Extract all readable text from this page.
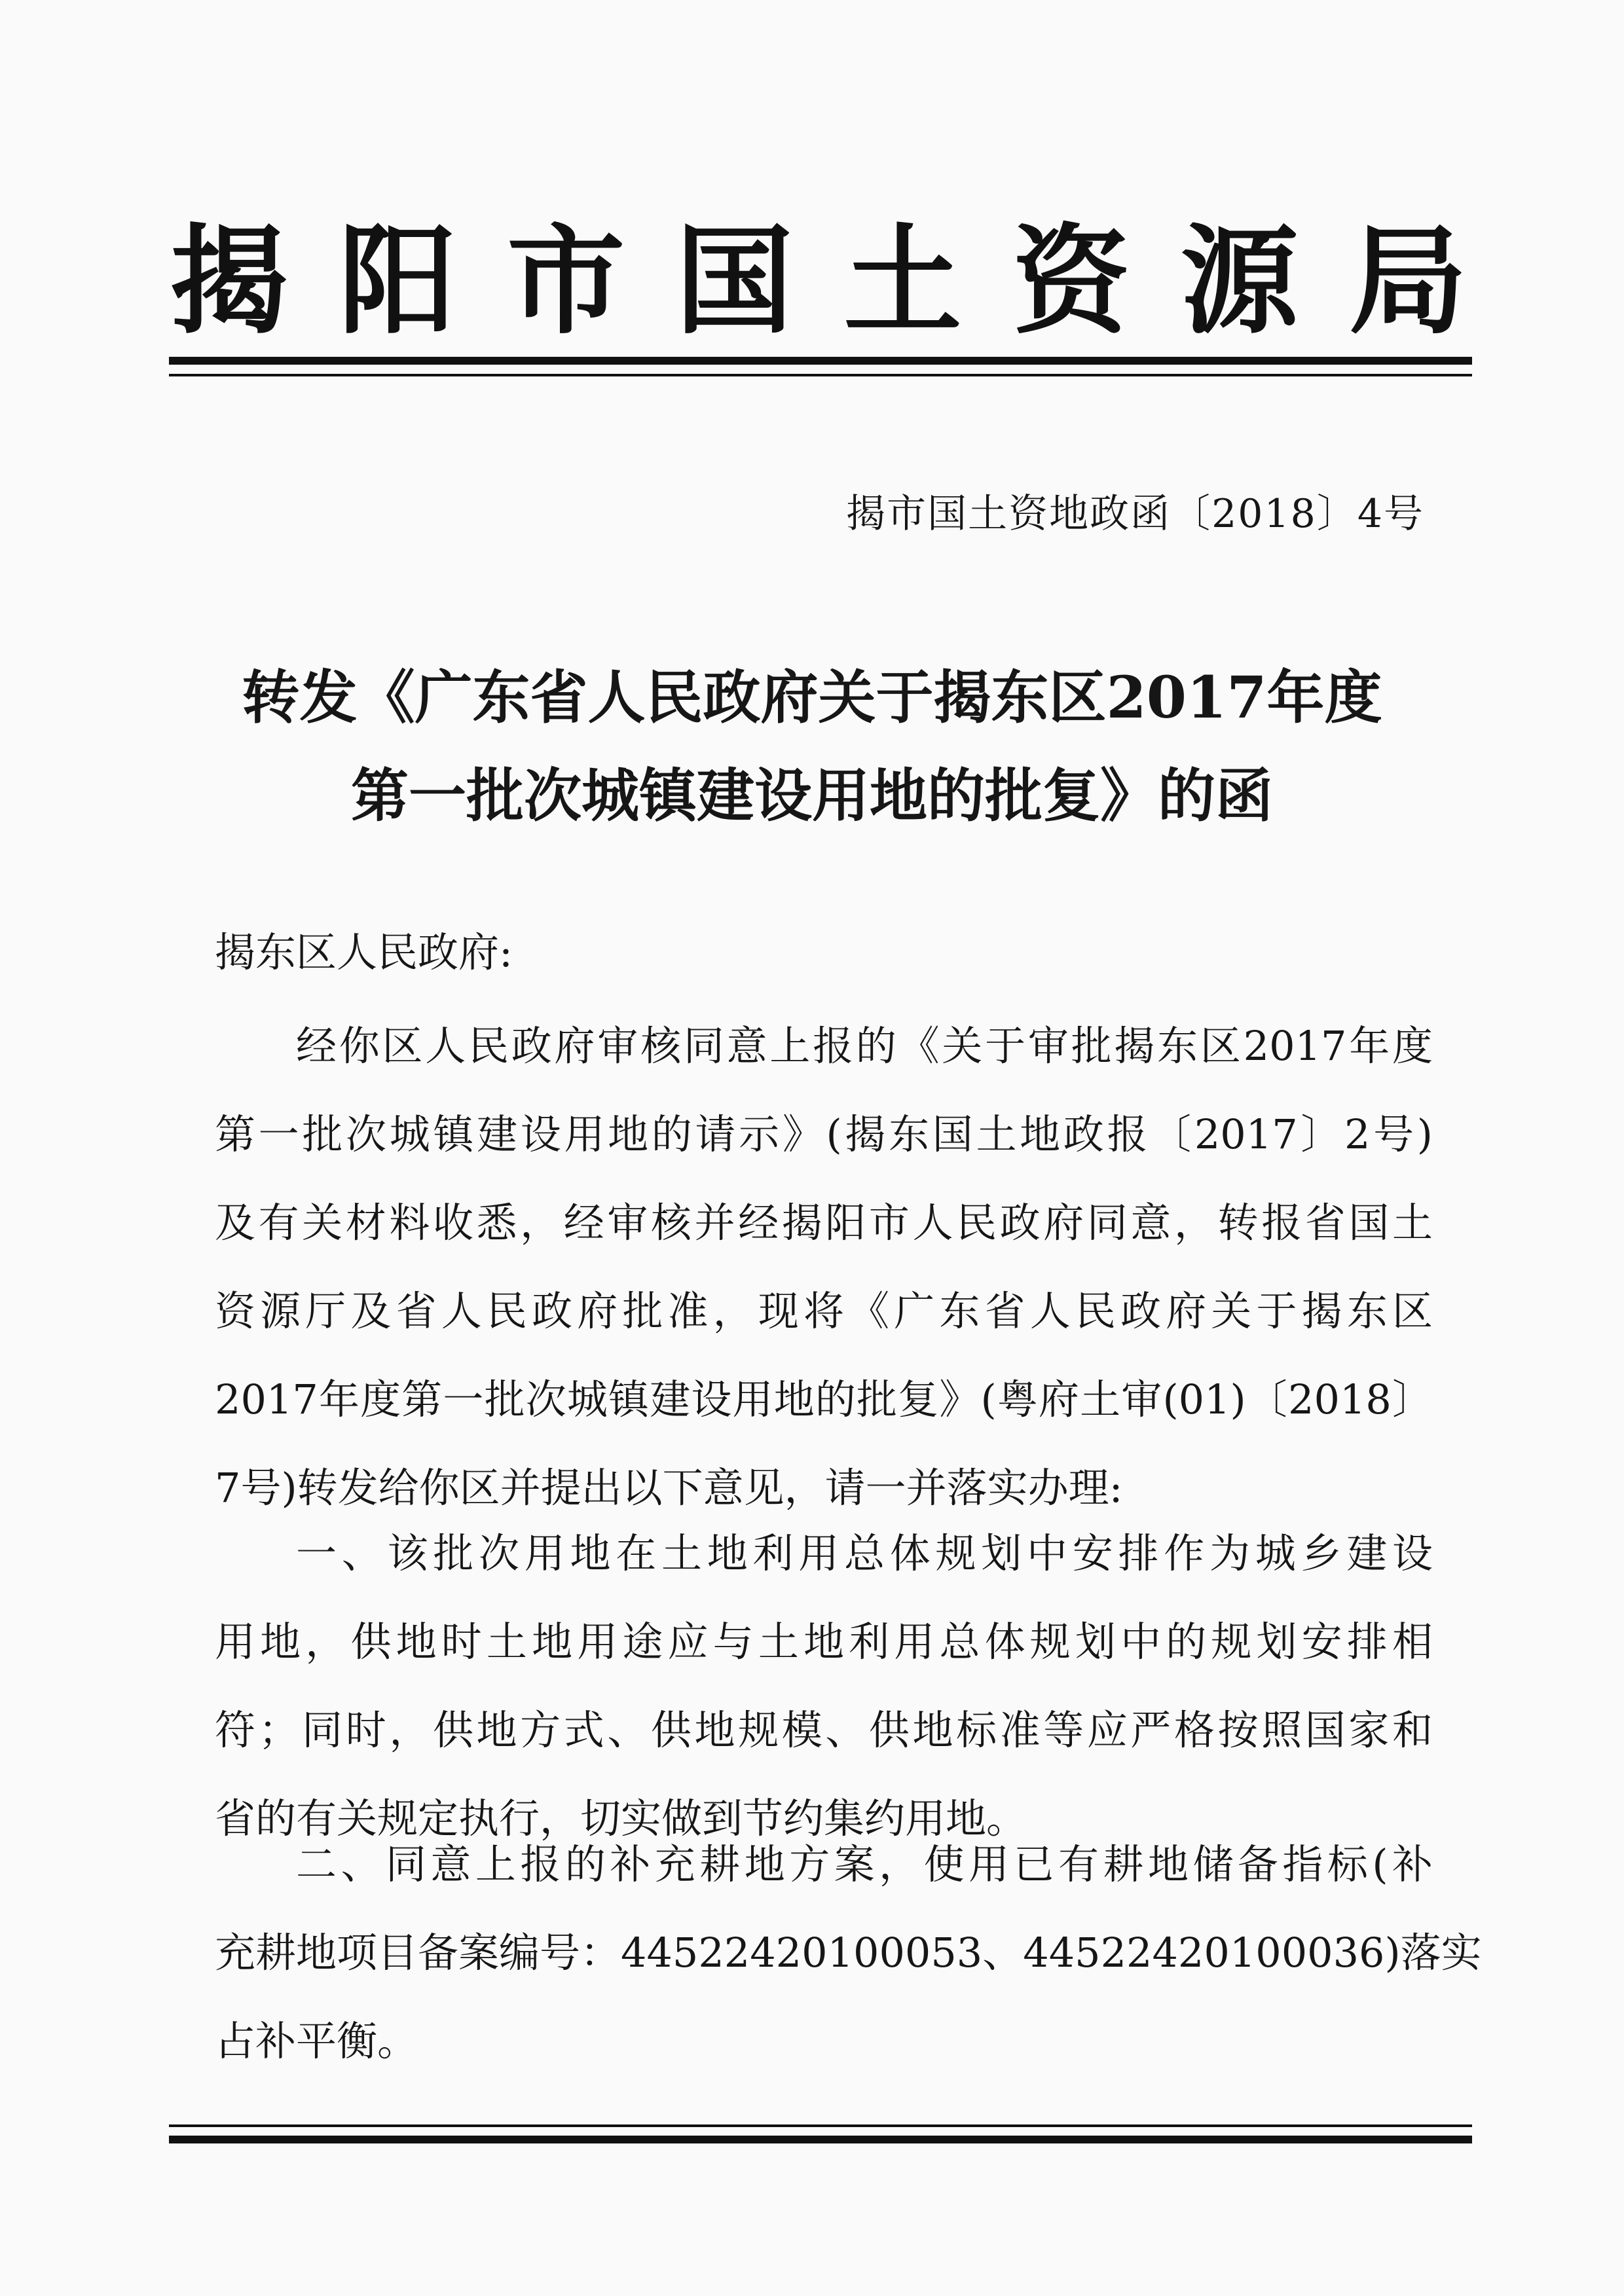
揭 阳 市 国 土 资 源 局
揭市国土资地政函〔2018〕4号
转发《广东省人民政府关于揭东区2017年度
第一批次城镇建设用地的批复》的函
揭东区人民政府:
经你区人民政府审核同意上报的《关于审批揭东区2017年度
第一批次城镇建设用地的请示》(揭东国土地政报〔2017〕2号)
及有关材料收悉，经审核并经揭阳市人民政府同意，转报省国土
资源厅及省人民政府批准，现将《广东省人民政府关于揭东区
2017年度第一批次城镇建设用地的批复》(粤府土审(01)〔2018〕
7号)转发给你区并提出以下意见，请一并落实办理:
一、该批次用地在土地利用总体规划中安排作为城乡建设
用地，供地时土地用途应与土地利用总体规划中的规划安排相
符；同时，供地方式、供地规模、供地标准等应严格按照国家和
省的有关规定执行，切实做到节约集约用地。
二、同意上报的补充耕地方案，使用已有耕地储备指标(补
充耕地项目备案编号：44522420100053、44522420100036)落实
占补平衡。
